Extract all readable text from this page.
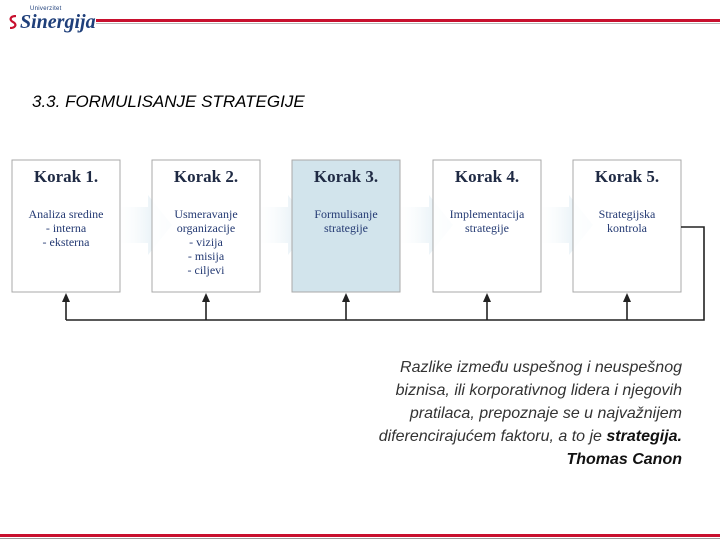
Univerzitet
Sinergija
3.3. FORMULISANJE STRATEGIJE
Korak 1.
Analiza sredine
- interna
- eksterna
Korak 2.
Usmeravanje
organizacije
- vizija
- misija
- ciljevi
Korak 3.
Formulisanje
strategije
Korak 4.
Implementacija
strategije
Korak 5.
Strategijska
kontrola
Razlike između uspešnog i neuspešnog
biznisa, ili korporativnog lidera i njegovih
pratilaca, prepoznaje se u najvažnijem
diferencirajućem faktoru, a to je strategija.
Thomas Canon
